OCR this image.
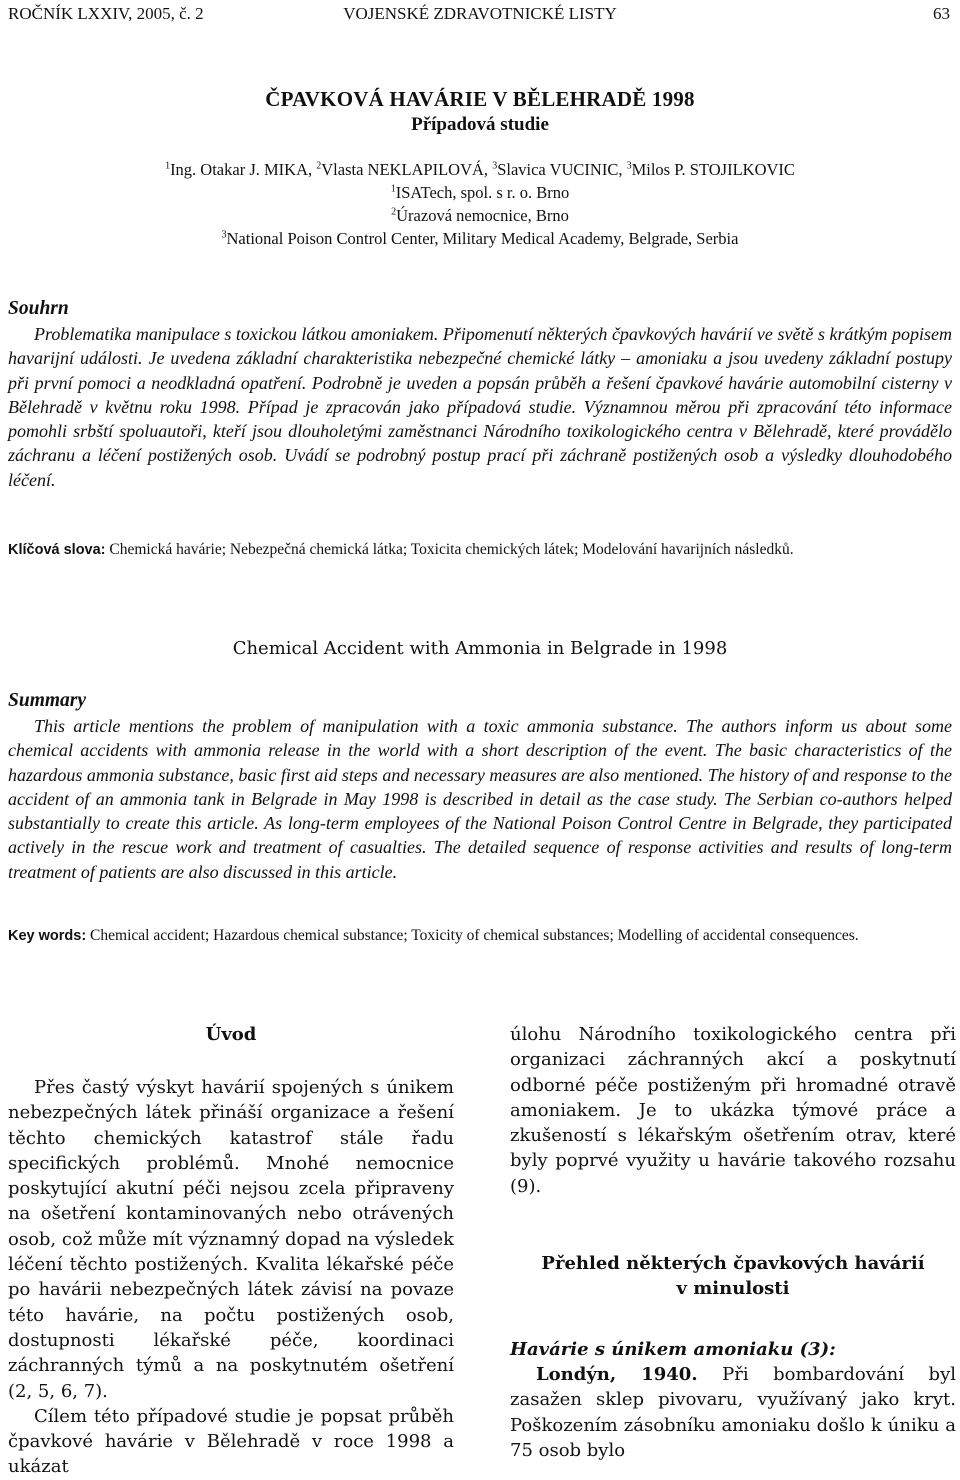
ROČNÍK LXXIV, 2005, č. 2	VOJENSKÉ ZDRAVOTNICKÉ LISTY	63
ČPAVKOVÁ HAVÁRIE V BĚLEHRADĚ 1998
Případová studie
$^1$Ing. Otakar J. MIKA, $^2$Vlasta NEKLAPILOVÁ, $^3$Slavica VUCINIC, $^3$Milos P. STOJILKOVIC
$^1$ISATech, spol. s r. o. Brno
$^2$Úrazová nemocnice, Brno
$^3$National Poison Control Center, Military Medical Academy, Belgrade, Serbia
Souhrn

Problematika manipulace s toxickou látkou amoniakem. Připomenutí některých čpavkových havárií ve světě s krátkým popisem havarijní události. Je uvedena základní charakteristika nebezpečné chemické látky – amoniaku a jsou uvedeny základní postupy při první pomoci a neodkladná opatření. Podrobně je uveden a popsán průběh a řešení čpavkové havárie automobilní cisterny v Bělehradě v květnu roku 1998. Případ je zpracován jako případová studie. Významnou měrou při zpracování této informace pomohli srbští spoluautoři, kteří jsou dlouholetými zaměstnanci Národního toxikologického centra v Bělehradě, které provádělo záchranu a léčení postižených osob. Uvádí se podrobný postup prací při záchraně postižených osob a výsledky dlouhodobého léčení.

Klíčová slova: Chemická havárie; Nebezpečná chemická látka; Toxicita chemických látek; Modelování havarijních následků.
Chemical Accident with Ammonia in Belgrade in 1998
Summary

This article mentions the problem of manipulation with a toxic ammonia substance. The authors inform us about some chemical accidents with ammonia release in the world with a short description of the event. The basic characteristics of the hazardous ammonia substance, basic first aid steps and necessary measures are also mentioned. The history of and response to the accident of an ammonia tank in Belgrade in May 1998 is described in detail as the case study. The Serbian co-authors helped substantially to create this article. As long-term employees of the National Poison Control Centre in Belgrade, they participated actively in the rescue work and treatment of casualties. The detailed sequence of response activities and results of long-term treatment of patients are also discussed in this article.

Key words: Chemical accident; Hazardous chemical substance; Toxicity of chemical substances; Modelling of accidental consequences.
Úvod

Přes častý výskyt havárií spojených s únikem nebezpečných látek přináší organizace a řešení těchto chemických katastrof stále řadu specifických problémů. Mnohé nemocnice poskytující akutní péči nejsou zcela připraveny na ošetření kontaminovaných nebo otrávených osob, což může mít významný dopad na výsledek léčení těchto postižených. Kvalita lékařské péče po havárii nebezpečných látek závisí na povaze této havárie, na počtu postižených osob, dostupnosti lékařské péče, koordinaci záchranných týmů a na poskytnutém ošetření (2, 5, 6, 7).

Cílem této případové studie je popsat průběh čpavkové havárie v Bělehradě v roce 1998 a ukázat

úlohu Národního toxikologického centra při organizaci záchranných akcí a poskytnutí odborné péče postiženým při hromadné otravě amoniakem. Je to ukázka týmové práce a zkušeností s lékařským ošetřením otrav, které byly poprvé využity u havárie takového rozsahu (9).

Přehled některých čpavkových havárií
v minulosti
Havárie s únikem amoniaku (3):

Londýn, 1940. Při bombardování byl zasažen sklep pivovaru, využívaný jako kryt. Poškozením zásobníku amoniaku došlo k úniku a 75 osob bylo
